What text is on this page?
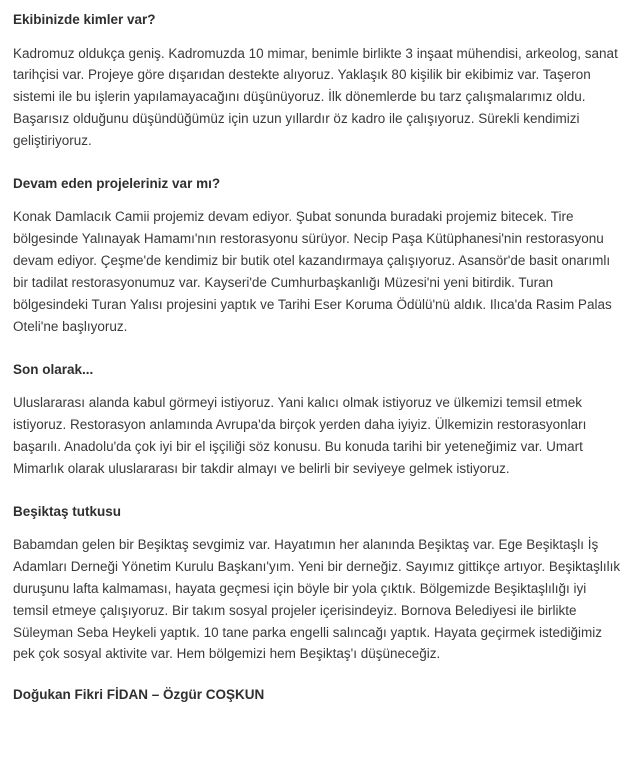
Ekibinizde kimler var?

Kadromuz oldukça geniş. Kadromuzda 10 mimar, benimle birlikte 3 inşaat mühendisi, arkeolog, sanat tarihçisi var. Projeye göre dışarıdan destekte alıyoruz. Yaklaşık 80 kişilik bir ekibimiz var. Taşeron sistemi ile bu işlerin yapılamayacağını düşünüyoruz. İlk dönemlerde bu tarz çalışmalarımız oldu. Başarısız olduğunu düşündüğümüz için uzun yıllardır öz kadro ile çalışıyoruz. Sürekli kendimizi geliştiriyoruz.

Devam eden projeleriniz var mı?

Konak Damlacık Camii projemiz devam ediyor. Şubat sonunda buradaki projemiz bitecek. Tire bölgesinde Yalınayak Hamamı'nın restorasyonu sürüyor. Necip Paşa Kütüphanesi'nin restorasyonu devam ediyor. Çeşme'de kendimiz bir butik otel kazandırmaya çalışıyoruz. Asansör'de basit onarımlı bir tadilat restorasyonumuz var. Kayseri'de Cumhurbaşkanlığı Müzesi'ni yeni bitirdik. Turan bölgesindeki Turan Yalısı projesini yaptık ve Tarihi Eser Koruma Ödülü'nü aldık. Ilıca'da Rasim Palas Oteli'ne başlıyoruz.

Son olarak...

Uluslararası alanda kabul görmeyi istiyoruz. Yani kalıcı olmak istiyoruz ve ülkemizi temsil etmek istiyoruz. Restorasyon anlamında Avrupa'da birçok yerden daha iyiyiz. Ülkemizin restorasyonları başarılı. Anadolu'da çok iyi bir el işçiliği söz konusu. Bu konuda tarihi bir yeteneğimiz var. Umart Mimarlık olarak uluslararası bir takdir almayı ve belirli bir seviyeye gelmek istiyoruz.

Beşiktaş tutkusu

Babamdan gelen bir Beşiktaş sevgimiz var. Hayatımın her alanında Beşiktaş var. Ege Beşiktaşlı İş Adamları Derneği Yönetim Kurulu Başkanı'yım. Yeni bir derneğiz. Sayımız gittikçe artıyor. Beşiktaşlılık duruşunu lafta kalmaması, hayata geçmesi için böyle bir yola çıktık. Bölgemizde Beşiktaşlılığı iyi temsil etmeye çalışıyoruz. Bir takım sosyal projeler içerisindeyiz. Bornova Belediyesi ile birlikte Süleyman Seba Heykeli yaptık. 10 tane parka engelli salıncağı yaptık. Hayata geçirmek istediğimiz pek çok sosyal aktivite var. Hem bölgemizi hem Beşiktaş'ı düşüneceğiz.

Doğukan Fikri FİDAN – Özgür COŞKUN
